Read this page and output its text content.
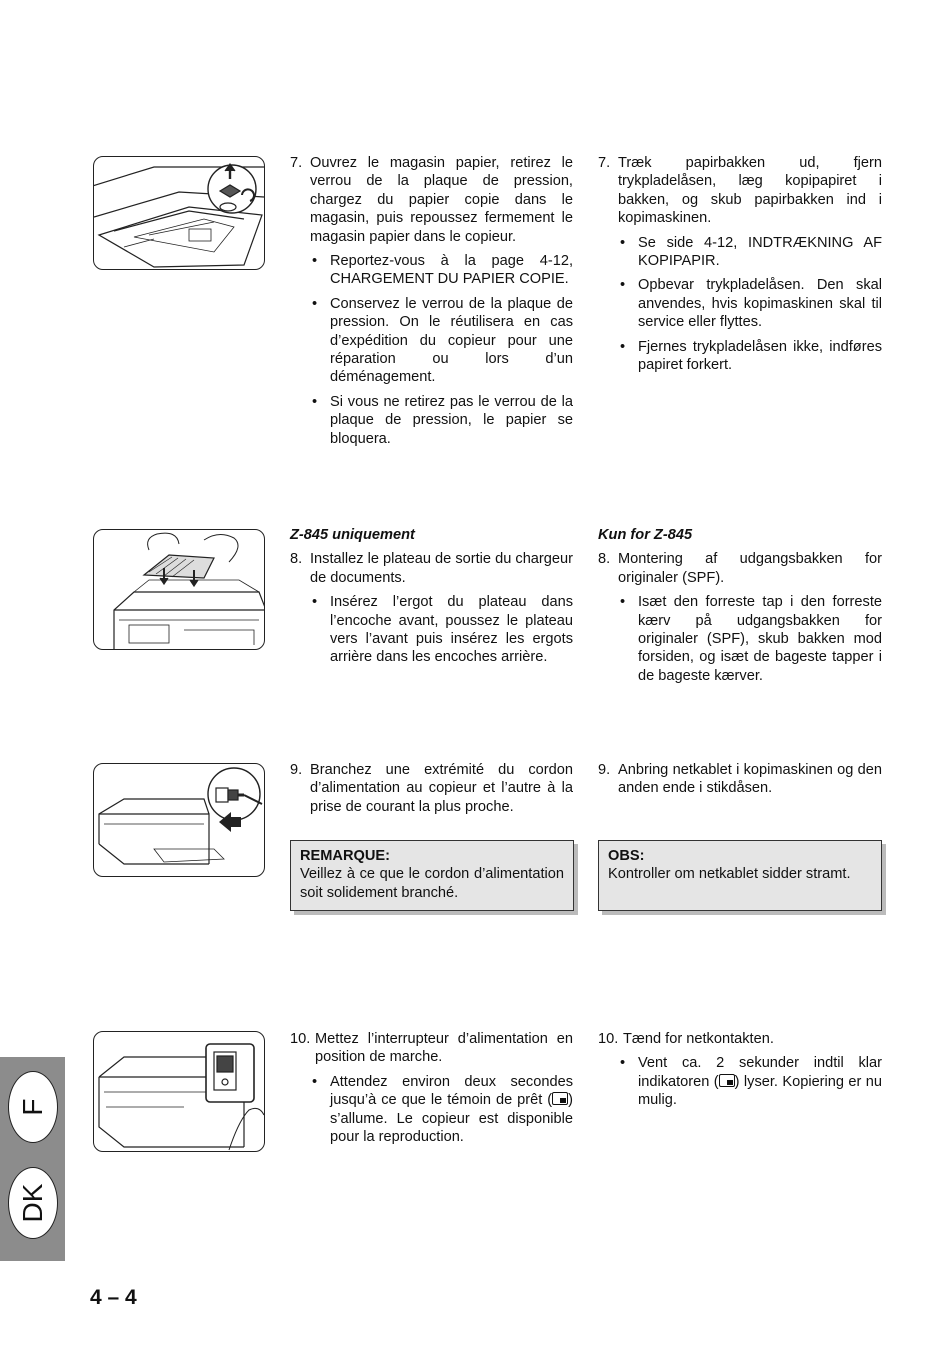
7. Ouvrez le magasin papier, retirez le verrou de la plaque de pression, chargez du papier copie dans le magasin, puis repoussez fermement le magasin papier dans le copieur.
• Reportez-vous à la page 4-12, CHARGEMENT DU PAPIER COPIE.
• Conservez le verrou de la plaque de pression. On le réutilisera en cas d’expédition du copieur pour une réparation ou lors d’un déménagement.
• Si vous ne retirez pas le verrou de la plaque de pression, le papier se bloquera.
7. Træk papirbakken ud, fjern trykpladelåsen, læg kopipapiret i bakken, og skub papirbakken ind i kopimaskinen.
• Se side 4-12, INDTRÆKNING AF KOPIPAPIR.
• Opbevar trykpladelåsen. Den skal anvendes, hvis kopimaskinen skal til service eller flyttes.
• Fjernes trykpladelåsen ikke, indføres papiret forkert.
Z-845 uniquement
8. Installez le plateau de sortie du chargeur de documents.
• Insérez l’ergot du plateau dans l’encoche avant, poussez le plateau vers l’avant puis insérez les ergots arrière dans les encoches arrière.
Kun for Z-845
8. Montering af udgangsbakken for originaler (SPF).
• Isæt den forreste tap i den forreste kærv på udgangsbakken for originaler (SPF), skub bakken mod forsiden, og isæt de bageste tapper i de bageste kærver.
9. Branchez une extrémité du cordon d’alimentation au copieur et l’autre à la prise de courant la plus proche.
9. Anbring netkablet i kopimaskinen og den anden ende i stikdåsen.
REMARQUE:
Veillez à ce que le cordon d’alimentation soit solidement branché.
OBS:
Kontroller om netkablet sidder stramt.
10. Mettez l’interrupteur d’alimentation en position de marche.
• Attendez environ deux secondes jusqu’à ce que le témoin de prêt ( ) s’allume. Le copieur est disponible pour la reproduction.
10. Tænd for netkontakten.
• Vent ca. 2 sekunder indtil klar indikatoren ( ) lyser. Kopiering er nu mulig.
F
DK
4 – 4
